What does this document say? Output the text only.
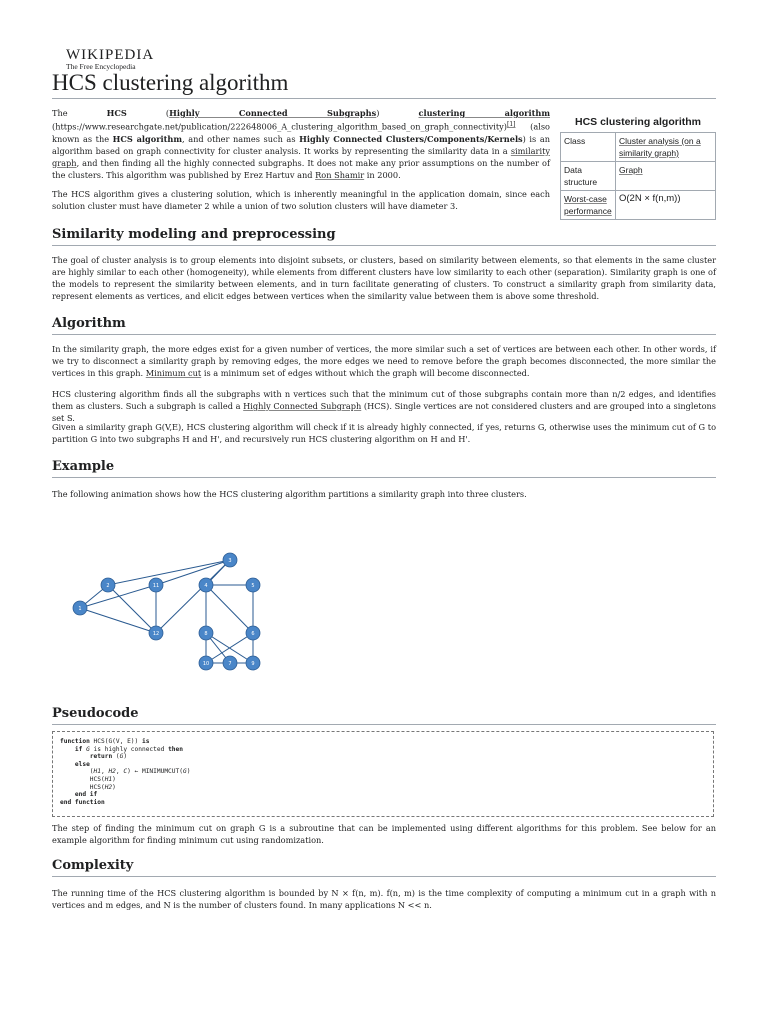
WIKIPEDIA
The Free Encyclopedia
HCS clustering algorithm

The HCS (Highly Connected Subgraphs) clustering algorithm (https://www.researchgate.net/publication/222648006_A_clustering_algorithm_based_on_graph_connectivity)[1] (also known as the HCS algorithm, and other names such as Highly Connected Clusters/Components/Kernels) is an algorithm based on graph connectivity for cluster analysis. It works by representing the similarity data in a similarity graph, and then finding all the highly connected subgraphs. It does not make any prior assumptions on the number of the clusters. This algorithm was published by Erez Hartuv and Ron Shamir in 2000.

The HCS algorithm gives a clustering solution, which is inherently meaningful in the application domain, since each solution cluster must have diameter 2 while a union of two solution clusters will have diameter 3.

HCS clustering algorithm
Class	Cluster analysis (on a similarity graph)
Data structure	Graph
Worst-case performance	O(2N × f(n,m))
Similarity modeling and preprocessing

The goal of cluster analysis is to group elements into disjoint subsets, or clusters, based on similarity between elements, so that elements in the same cluster are highly similar to each other (homogeneity), while elements from different clusters have low similarity to each other (separation). Similarity graph is one of the models to represent the similarity between elements, and in turn facilitate generating of clusters. To construct a similarity graph from similarity data, represent elements as vertices, and elicit edges between vertices when the similarity value between them is above some threshold.

Algorithm

In the similarity graph, the more edges exist for a given number of vertices, the more similar such a set of vertices are between each other. In other words, if we try to disconnect a similarity graph by removing edges, the more edges we need to remove before the graph becomes disconnected, the more similar the vertices in this graph. Minimum cut is a minimum set of edges without which the graph will become disconnected.

HCS clustering algorithm finds all the subgraphs with n vertices such that the minimum cut of those subgraphs contain more than n/2 edges, and identifies them as clusters. Such a subgraph is called a Highly Connected Subgraph (HCS). Single vertices are not considered clusters and are grouped into a singletons set S.

Given a similarity graph G(V,E), HCS clustering algorithm will check if it is already highly connected, if yes, returns G, otherwise uses the minimum cut of G to partition G into two subgraphs H and H', and recursively run HCS clustering algorithm on H and H'.

Example

The following animation shows how the HCS clustering algorithm partitions a similarity graph into three clusters.

1
2
3
4	5
6
7
8
9
10
11
12
Pseudocode
function HCS(G(V, E)) is
if G is highly connected then
return (G)
else
(H1, H2, C) ← MINIMUMCUT(G)
HCS(H1)
HCS(H2)
end if
end function

The step of finding the minimum cut on graph G is a subroutine that can be implemented using different algorithms for this problem. See below for an example algorithm for finding minimum cut using randomization.

Complexity

The running time of the HCS clustering algorithm is bounded by N × f(n, m). f(n, m) is the time complexity of computing a minimum cut in a graph with n vertices and m edges, and N is the number of clusters found. In many applications N << n.
